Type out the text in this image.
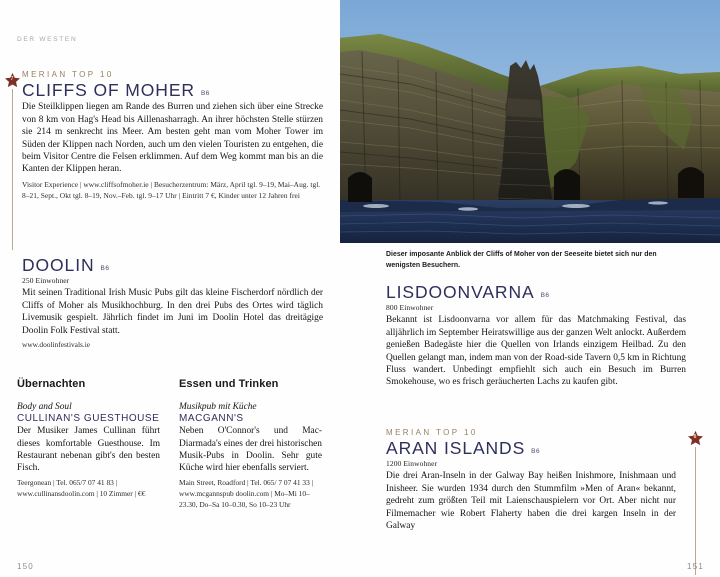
DER WESTEN
7	MERIAN TOP 10
CLIFFS OF MOHER B6
Die Steilklippen liegen am Rande des Burren und ziehen sich über eine Strecke von 8 km von Hag's Head bis Aillenasharragh. An ihrer höchsten Stelle stürzen sie 214 m senkrecht ins Meer. Am besten geht man vom Moher Tower im Süden der Klippen nach Norden, auch um den vielen Touristen zu entgehen, die beim Visitor Centre die Felsen erklimmen. Auf dem Weg kommt man bis an die Kanten der Klippen heran.
Visitor Experience | www.cliffsofmoher.ie | Besucherzentrum: März, April tgl. 9–19, Mai–Aug. tgl. 8–21, Sept., Okt tgl. 8–19, Nov.–Feb. tgl. 9–17 Uhr | Eintritt 7 €, Kinder unter 12 Jahren frei
DOOLIN B6
250 Einwohner
Mit seinen Traditional Irish Music Pubs gilt das kleine Fischerdorf nördlich der Cliffs of Moher als Musikhochburg. In den drei Pubs des Ortes wird täglich Livemusik gespielt. Jährlich findet im Juni im Doolin Hotel das dreitägige Doolin Folk Festival statt.
www.doolinfestivals.ie
Übernachten
Body and Soul
CULLINAN'S GUESTHOUSE
Der Musiker James Cullinan führt dieses komfortable Guesthouse. Im Restaurant nebenan gibt's den besten Fisch.
Teergonean | Tel. 065/7 07 41 83 | www.cullinansdoolin.com | 10 Zimmer | €€
Essen und Trinken
Musikpub mit Küche
MACGANN'S
Neben O'Connor's und Mac-Diarmada's eines der drei historischen Musik-Pubs in Doolin. Sehr gute Küche wird hier ebenfalls serviert.
Main Street, Roadford | Tel. 065/ 7 07 41 33 | www.mcgannspub doolin.com | Mo–Mi 10–23.30, Do–Sa 10–0.30, So 10–23 Uhr
150
Dieser imposante Anblick der Cliffs of Moher von der Seeseite bietet sich nur den wenigsten Besuchern.
LISDOONVARNA B6
800 Einwohner
Bekannt ist Lisdoonvarna vor allem für das Matchmaking Festival, das alljährlich im September Heiratswillige aus der ganzen Welt anlockt. Außerdem genießen Badegäste hier die Quellen von Irlands einzigem Heilbad. Zu den Quellen gelangt man, indem man von der Road-side Tavern 0,5 km in Richtung Fluss wandert. Unbedingt empfiehlt sich auch ein Besuch im Burren Smokehouse, wo es frisch geräucherten Lachs zu kaufen gibt.
8
MERIAN TOP 10
ARAN ISLANDS B6
1200 Einwohner
Die drei Aran-Inseln in der Galway Bay heißen Inishmore, Inishmaan und Inisheer. Sie wurden 1934 durch den Stummfilm »Men of Aran« bekannt, gedreht zum größten Teil mit Laienschauspielern vor Ort. Aber nicht nur Filmemacher wie Robert Flaherty haben die drei kargen Inseln in der Galway
151
